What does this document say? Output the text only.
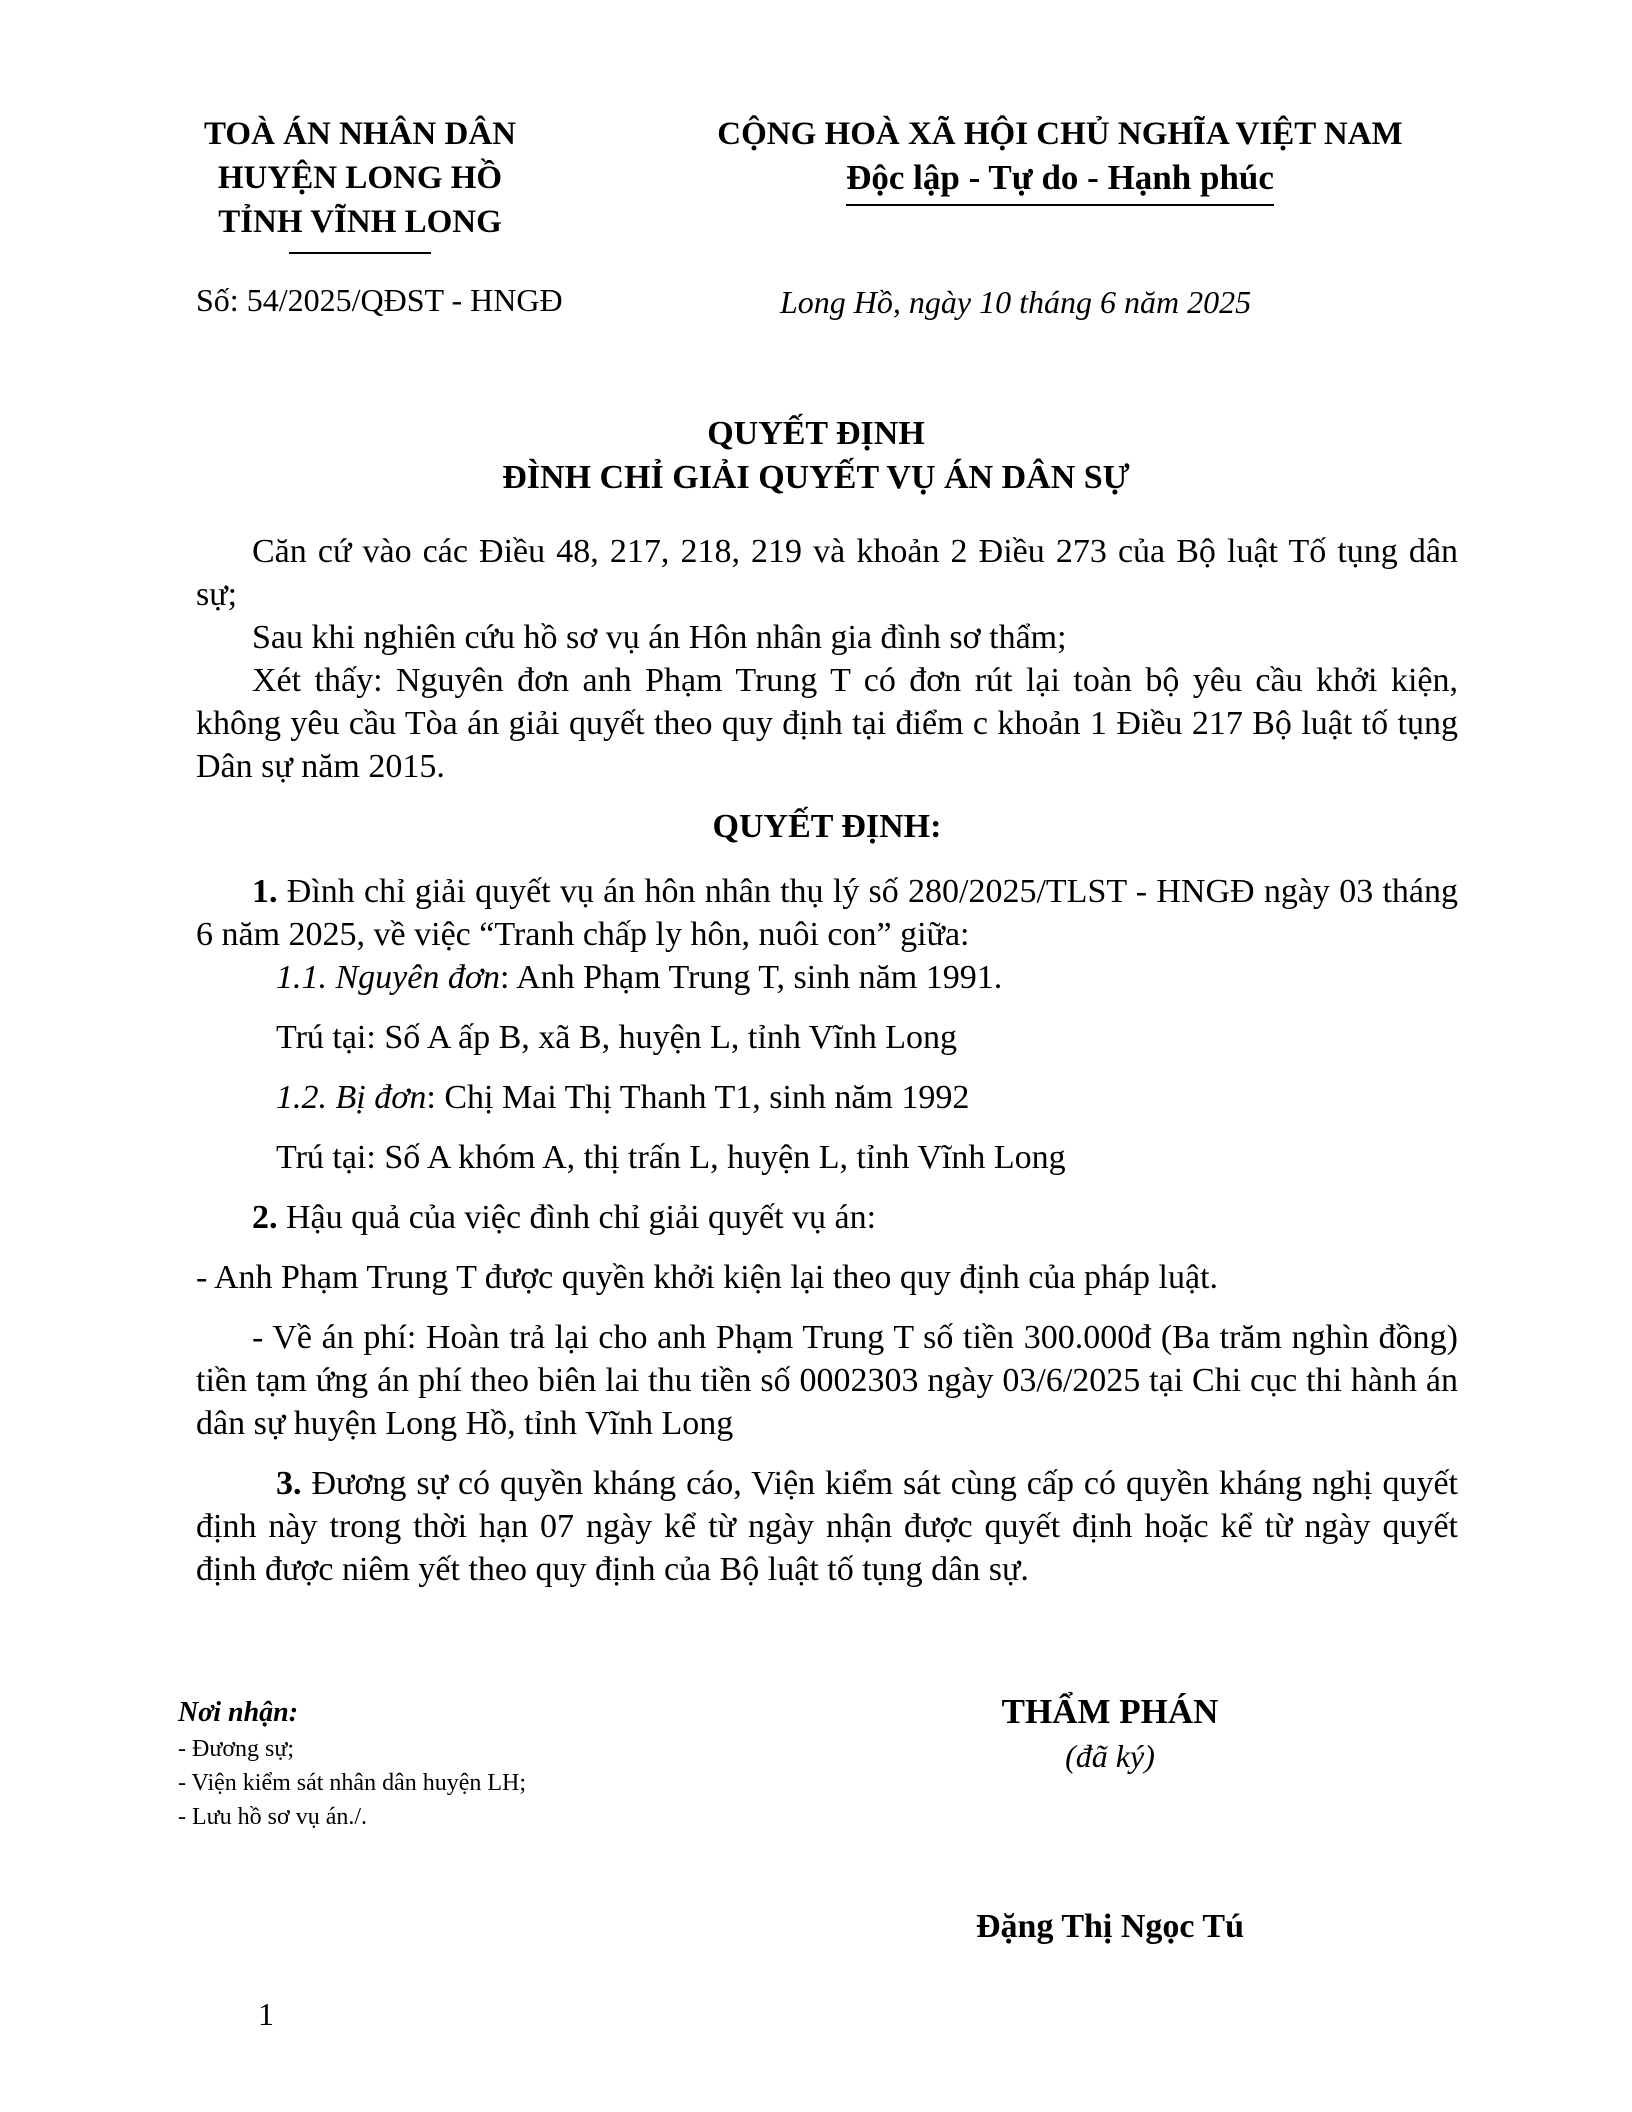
TOÀ ÁN NHÂN DÂN
HUYỆN LONG HỒ
TỈNH VĨNH LONG
CỘNG HOÀ XÃ HỘI CHỦ NGHĨA VIỆT NAM
Độc lập - Tự do - Hạnh phúc
Số: 54/2025/QĐST - HNGĐ	Long Hồ, ngày 10 tháng 6 năm 2025
QUYẾT ĐỊNH
ĐÌNH CHỈ GIẢI QUYẾT VỤ ÁN DÂN SỰ

Căn cứ vào các Điều 48, 217, 218, 219 và khoản 2 Điều 273 của Bộ luật Tố tụng dân sự;

Sau khi nghiên cứu hồ sơ vụ án Hôn nhân gia đình sơ thẩm;

Xét thấy: Nguyên đơn anh Phạm Trung T có đơn rút lại toàn bộ yêu cầu khởi kiện, không yêu cầu Tòa án giải quyết theo quy định tại điểm c khoản 1 Điều 217 Bộ luật tố tụng Dân sự năm 2015.

QUYẾT ĐỊNH:

1. Đình chỉ giải quyết vụ án hôn nhân thụ lý số 280/2025/TLST - HNGĐ ngày 03 tháng 6 năm 2025, về việc “Tranh chấp ly hôn, nuôi con” giữa:

1.1. Nguyên đơn: Anh Phạm Trung T, sinh năm 1991.

Trú tại: Số A ấp B, xã B, huyện L, tỉnh Vĩnh Long

1.2. Bị đơn: Chị Mai Thị Thanh T1, sinh năm 1992

Trú tại: Số A khóm A, thị trấn L, huyện L, tỉnh Vĩnh Long

2. Hậu quả của việc đình chỉ giải quyết vụ án:

- Anh Phạm Trung T được quyền khởi kiện lại theo quy định của pháp luật.

- Về án phí: Hoàn trả lại cho anh Phạm Trung T số tiền 300.000đ (Ba trăm nghìn đồng) tiền tạm ứng án phí theo biên lai thu tiền số 0002303 ngày 03/6/2025 tại Chi cục thi hành án dân sự huyện Long Hồ, tỉnh Vĩnh Long

3. Đương sự có quyền kháng cáo, Viện kiểm sát cùng cấp có quyền kháng nghị quyết định này trong thời hạn 07 ngày kể từ ngày nhận được quyết định hoặc kể từ ngày quyết định được niêm yết theo quy định của Bộ luật tố tụng dân sự.

Nơi nhận:
- Đương sự;
- Viện kiểm sát nhân dân huyện LH;
- Lưu hồ sơ vụ án./.
THẨM PHÁN
(đã ký)
Đặng Thị Ngọc Tú
1
